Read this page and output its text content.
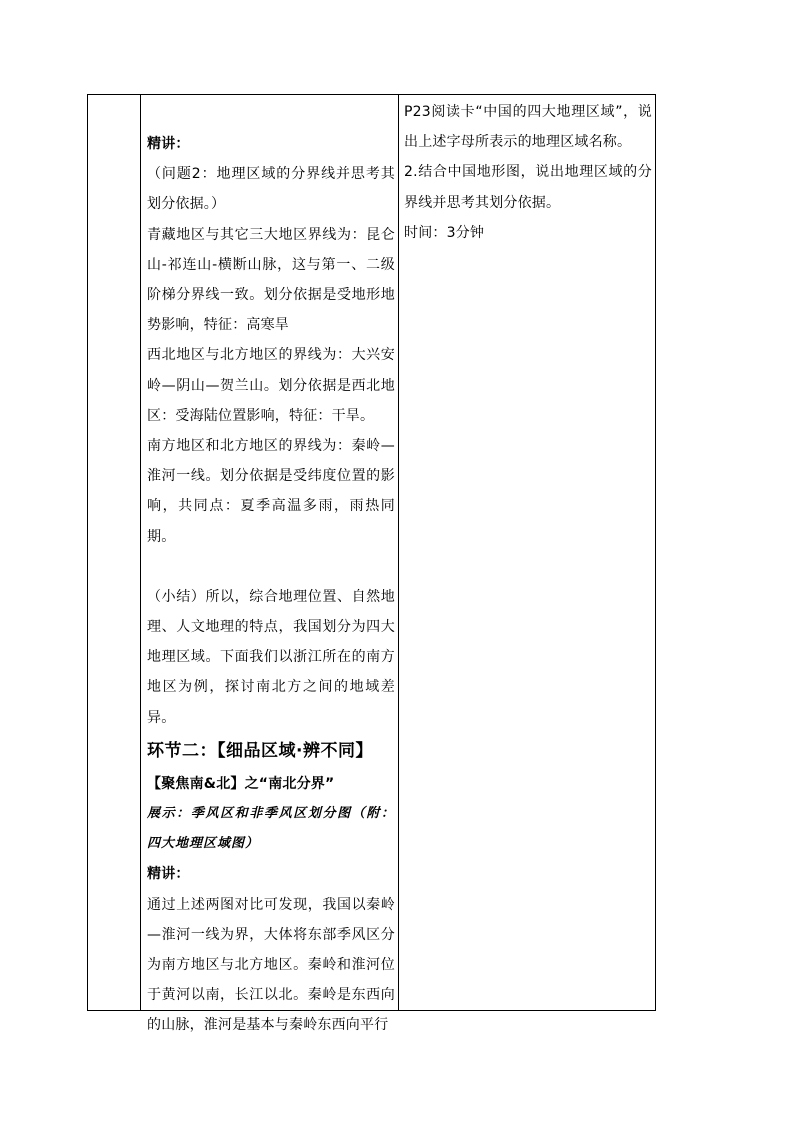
精讲：

（问题2：地理区域的分界线并思考其划分依据。）

青藏地区与其它三大地区界线为：昆仑山-祁连山-横断山脉，这与第一、二级阶梯分界线一致。划分依据是受地形地势影响，特征：高寒旱

西北地区与北方地区的界线为：大兴安岭—阴山—贺兰山。划分依据是西北地区：受海陆位置影响，特征：干旱。

南方地区和北方地区的界线为：秦岭—淮河一线。划分依据是受纬度位置的影响，共同点：夏季高温多雨，雨热同期。

（小结）所以，综合地理位置、自然地理、人文地理的特点，我国划分为四大地理区域。下面我们以浙江所在的南方地区为例，探讨南北方之间的地域差异。

环节二：【细品区域·辨不同】

【聚焦南&北】之“南北分界”

展示：季风区和非季风区划分图（附：四大地理区域图）

精讲：

通过上述两图对比可发现，我国以秦岭—淮河一线为界，大体将东部季风区分为南方地区与北方地区。秦岭和淮河位于黄河以南，长江以北。秦岭是东西向的山脉，淮河是基本与秦岭东西向平行

P23阅读卡“中国的四大地理区域”，说出上述字母所表示的地理区域名称。

2.结合中国地形图，说出地理区域的分界线并思考其划分依据。

时间：3分钟
